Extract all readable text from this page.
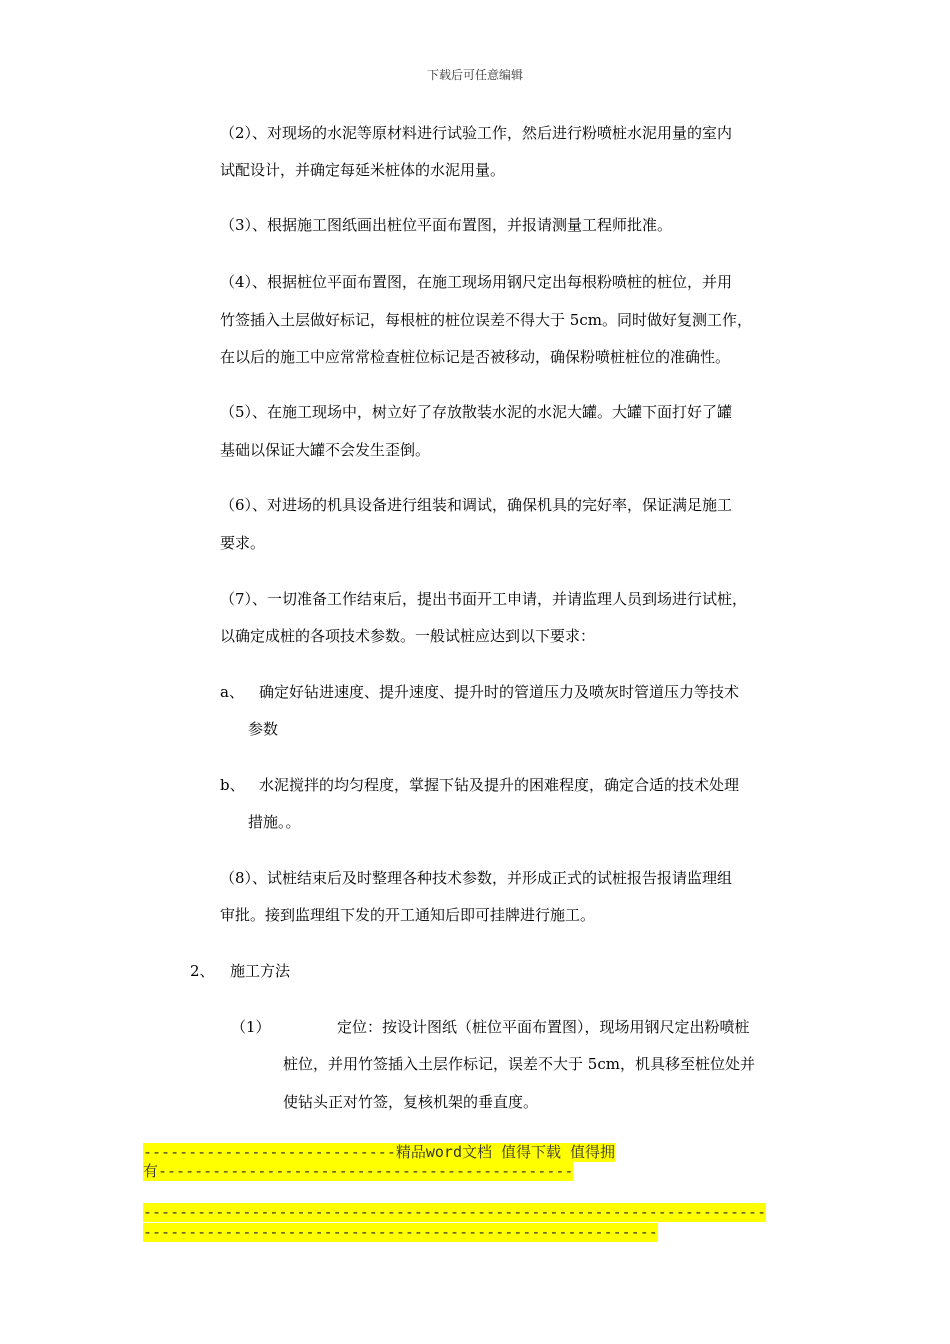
下载后可任意编辑
（2）、对现场的水泥等原材料进行试验工作，然后进行粉喷桩水泥用量的室内
试配设计，并确定每延米桩体的水泥用量。
（3）、根据施工图纸画出桩位平面布置图，并报请测量工程师批准。
（4）、根据桩位平面布置图，在施工现场用钢尺定出每根粉喷桩的桩位，并用
竹签插入土层做好标记，每根桩的桩位误差不得大于 5cm。同时做好复测工作，
在以后的施工中应常常检查桩位标记是否被移动，确保粉喷桩桩位的准确性。
（5）、在施工现场中，树立好了存放散装水泥的水泥大罐。大罐下面打好了罐
基础以保证大罐不会发生歪倒。
（6）、对进场的机具设备进行组装和调试，确保机具的完好率，保证满足施工
要求。
（7）、一切准备工作结束后，提出书面开工申请，并请监理人员到场进行试桩，
以确定成桩的各项技术参数。一般试桩应达到以下要求：
a、 确定好钻进速度、提升速度、提升时的管道压力及喷灰时管道压力等技术
参数
b、 水泥搅拌的均匀程度，掌握下钻及提升的困难程度，确定合适的技术处理
措施。。
（8）、试桩结束后及时整理各种技术参数，并形成正式的试桩报告报请监理组
审批。接到监理组下发的开工通知后即可挂牌进行施工。
2、 施工方法
（1）	定位：按设计图纸（桩位平面布置图），现场用钢尺定出粉喷桩
桩位，并用竹签插入土层作标记，误差不大于 5cm，机具移至桩位处并
使钻头正对竹签，复核机架的垂直度。
----------------------------精品word文档 值得下载 值得拥
有----------------------------------------------
---------------------------------------------------------------------
---------------------------------------------------------
